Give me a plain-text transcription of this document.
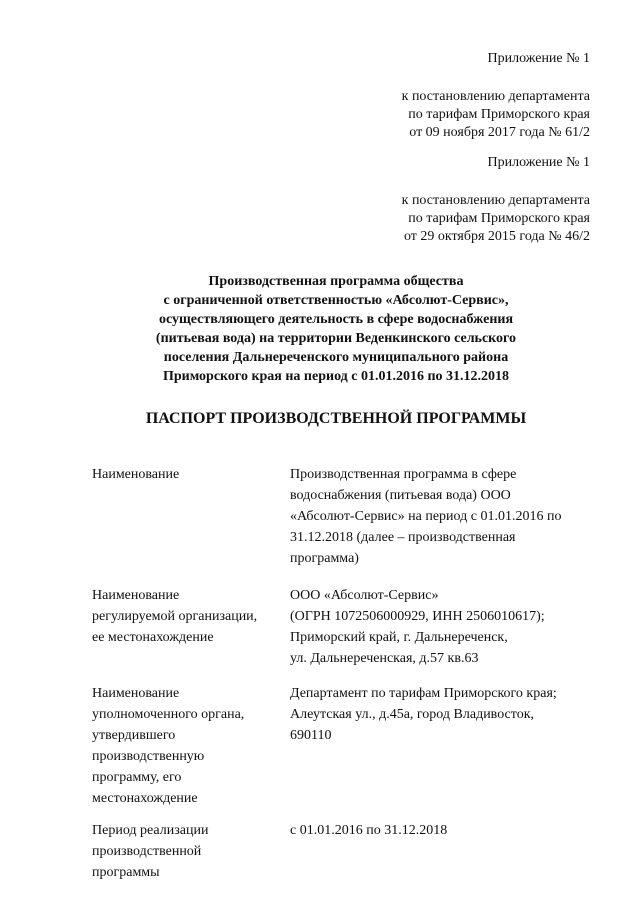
Приложение № 1
к постановлению департамента
по тарифам Приморского края
от 09 ноября 2017 года № 61/2
Приложение № 1
к постановлению департамента
по тарифам Приморского края
от 29 октября 2015 года № 46/2
Производственная программа общества
с ограниченной ответственностью «Абсолют-Сервис»,
осуществляющего деятельность в сфере водоснабжения
(питьевая вода) на территории Веденкинского сельского
поселения Дальнереченского муниципального района
Приморского края на период с 01.01.2016 по 31.12.2018
ПАСПОРТ ПРОИЗВОДСТВЕННОЙ ПРОГРАММЫ
Наименование	Производственная программа в сфере
водоснабжения (питьевая вода) ООО
«Абсолют-Сервис» на период с 01.01.2016 по
31.12.2018 (далее – производственная
программа)
Наименование
регулируемой организации,
ее местонахождение
ООО «Абсолют-Сервис»
(ОГРН 1072506000929, ИНН 2506010617);
Приморский край, г. Дальнереченск,
ул. Дальнереченская, д.57 кв.63
Наименование
уполномоченного органа,
утвердившего
производственную
программу, его
местонахождение
Департамент по тарифам Приморского края;
Алеутская ул., д.45а, город Владивосток,
690110
Период реализации
производственной
программы
с 01.01.2016 по 31.12.2018
